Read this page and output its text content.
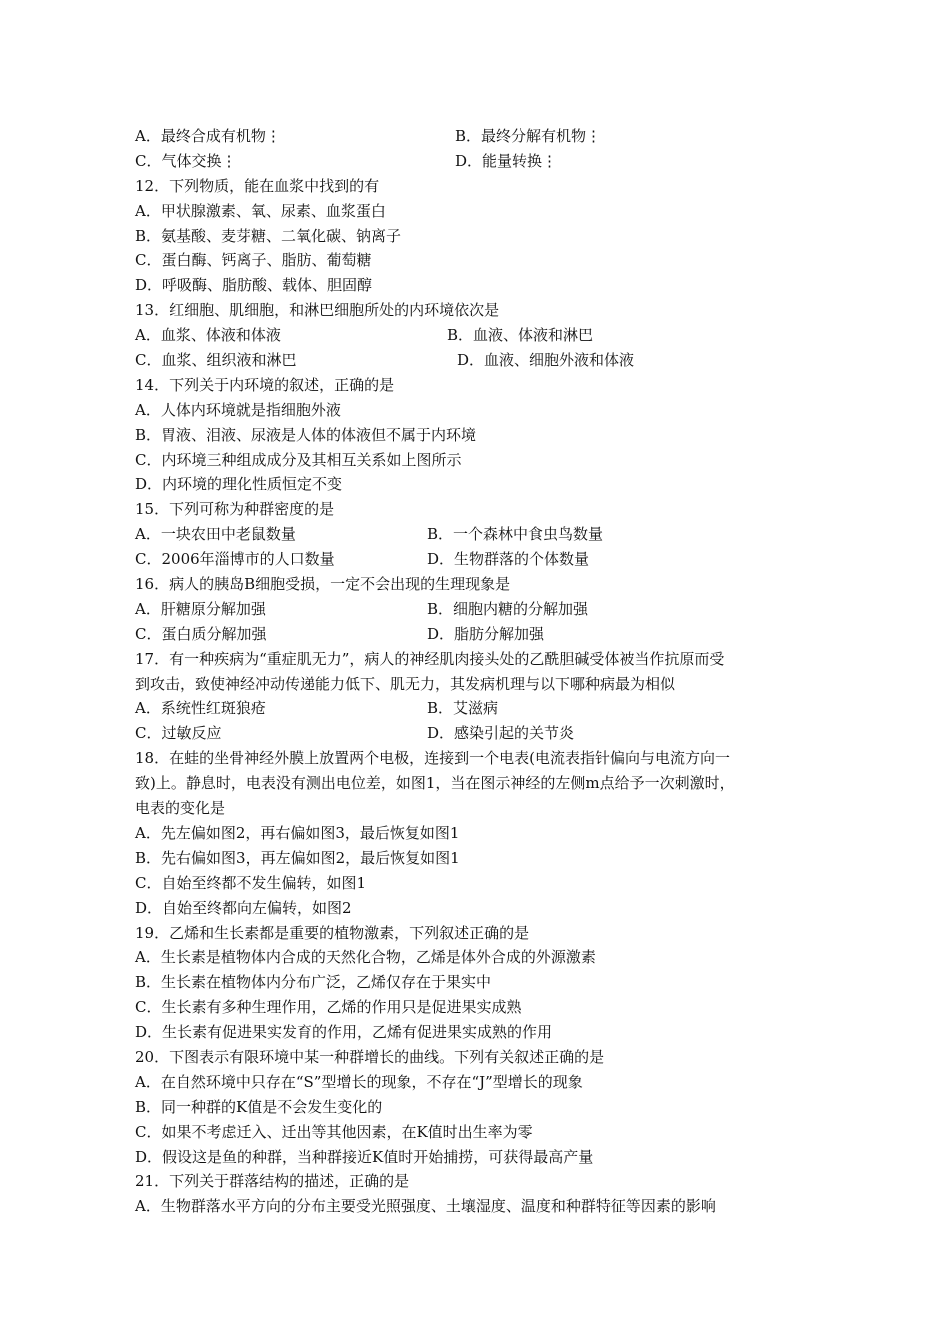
A．最终合成有机物⋮	B．最终分解有机物⋮
C．气体交换⋮	D．能量转换⋮
12．下列物质，能在血浆中找到的有
A．甲状腺激素、氧、尿素、血浆蛋白
B．氨基酸、麦芽糖、二氧化碳、钠离子
C．蛋白酶、钙离子、脂肪、葡萄糖
D．呼吸酶、脂肪酸、载体、胆固醇
13．红细胞、肌细胞，和淋巴细胞所处的内环境依次是
A．血浆、体液和体液	B．血液、体液和淋巴
C．血浆、组织液和淋巴	D．血液、细胞外液和体液
14．下列关于内环境的叙述，正确的是
A．人体内环境就是指细胞外液
B．胃液、泪液、尿液是人体的体液但不属于内环境
C．内环境三种组成成分及其相互关系如上图所示
D．内环境的理化性质恒定不变
15．下列可称为种群密度的是
A．一块农田中老鼠数量	B．一个森林中食虫鸟数量
C．2006年淄博市的人口数量	D．生物群落的个体数量
16．病人的胰岛B细胞受损，一定不会出现的生理现象是
A．肝糖原分解加强	B．细胞内糖的分解加强
C．蛋白质分解加强	D．脂肪分解加强
17．有一种疾病为“重症肌无力”，病人的神经肌肉接头处的乙酰胆碱受体被当作抗原而受
到攻击，致使神经冲动传递能力低下、肌无力，其发病机理与以下哪种病最为相似
A．系统性红斑狼疮	B．艾滋病
C．过敏反应	D．感染引起的关节炎
18．在蛙的坐骨神经外膜上放置两个电极，连接到一个电表(电流表指针偏向与电流方向一
致)上。静息时，电表没有测出电位差，如图1，当在图示神经的左侧m点给予一次刺激时，
电表的变化是
A．先左偏如图2，再右偏如图3，最后恢复如图1
B．先右偏如图3，再左偏如图2，最后恢复如图1
C．自始至终都不发生偏转，如图1
D．自始至终都向左偏转，如图2
19．乙烯和生长素都是重要的植物激素，下列叙述正确的是
A．生长素是植物体内合成的天然化合物，乙烯是体外合成的外源激素
B．生长素在植物体内分布广泛，乙烯仅存在于果实中
C．生长素有多种生理作用，乙烯的作用只是促进果实成熟
D．生长素有促进果实发育的作用，乙烯有促进果实成熟的作用
20．下图表示有限环境中某一种群增长的曲线。下列有关叙述正确的是
A．在自然环境中只存在“S”型增长的现象，不存在“J”型增长的现象
B．同一种群的K值是不会发生变化的
C．如果不考虑迁入、迁出等其他因素，在K值时出生率为零
D．假设这是鱼的种群，当种群接近K值时开始捕捞，可获得最高产量
21．下列关于群落结构的描述，正确的是
A．生物群落水平方向的分布主要受光照强度、土壤湿度、温度和种群特征等因素的影响
